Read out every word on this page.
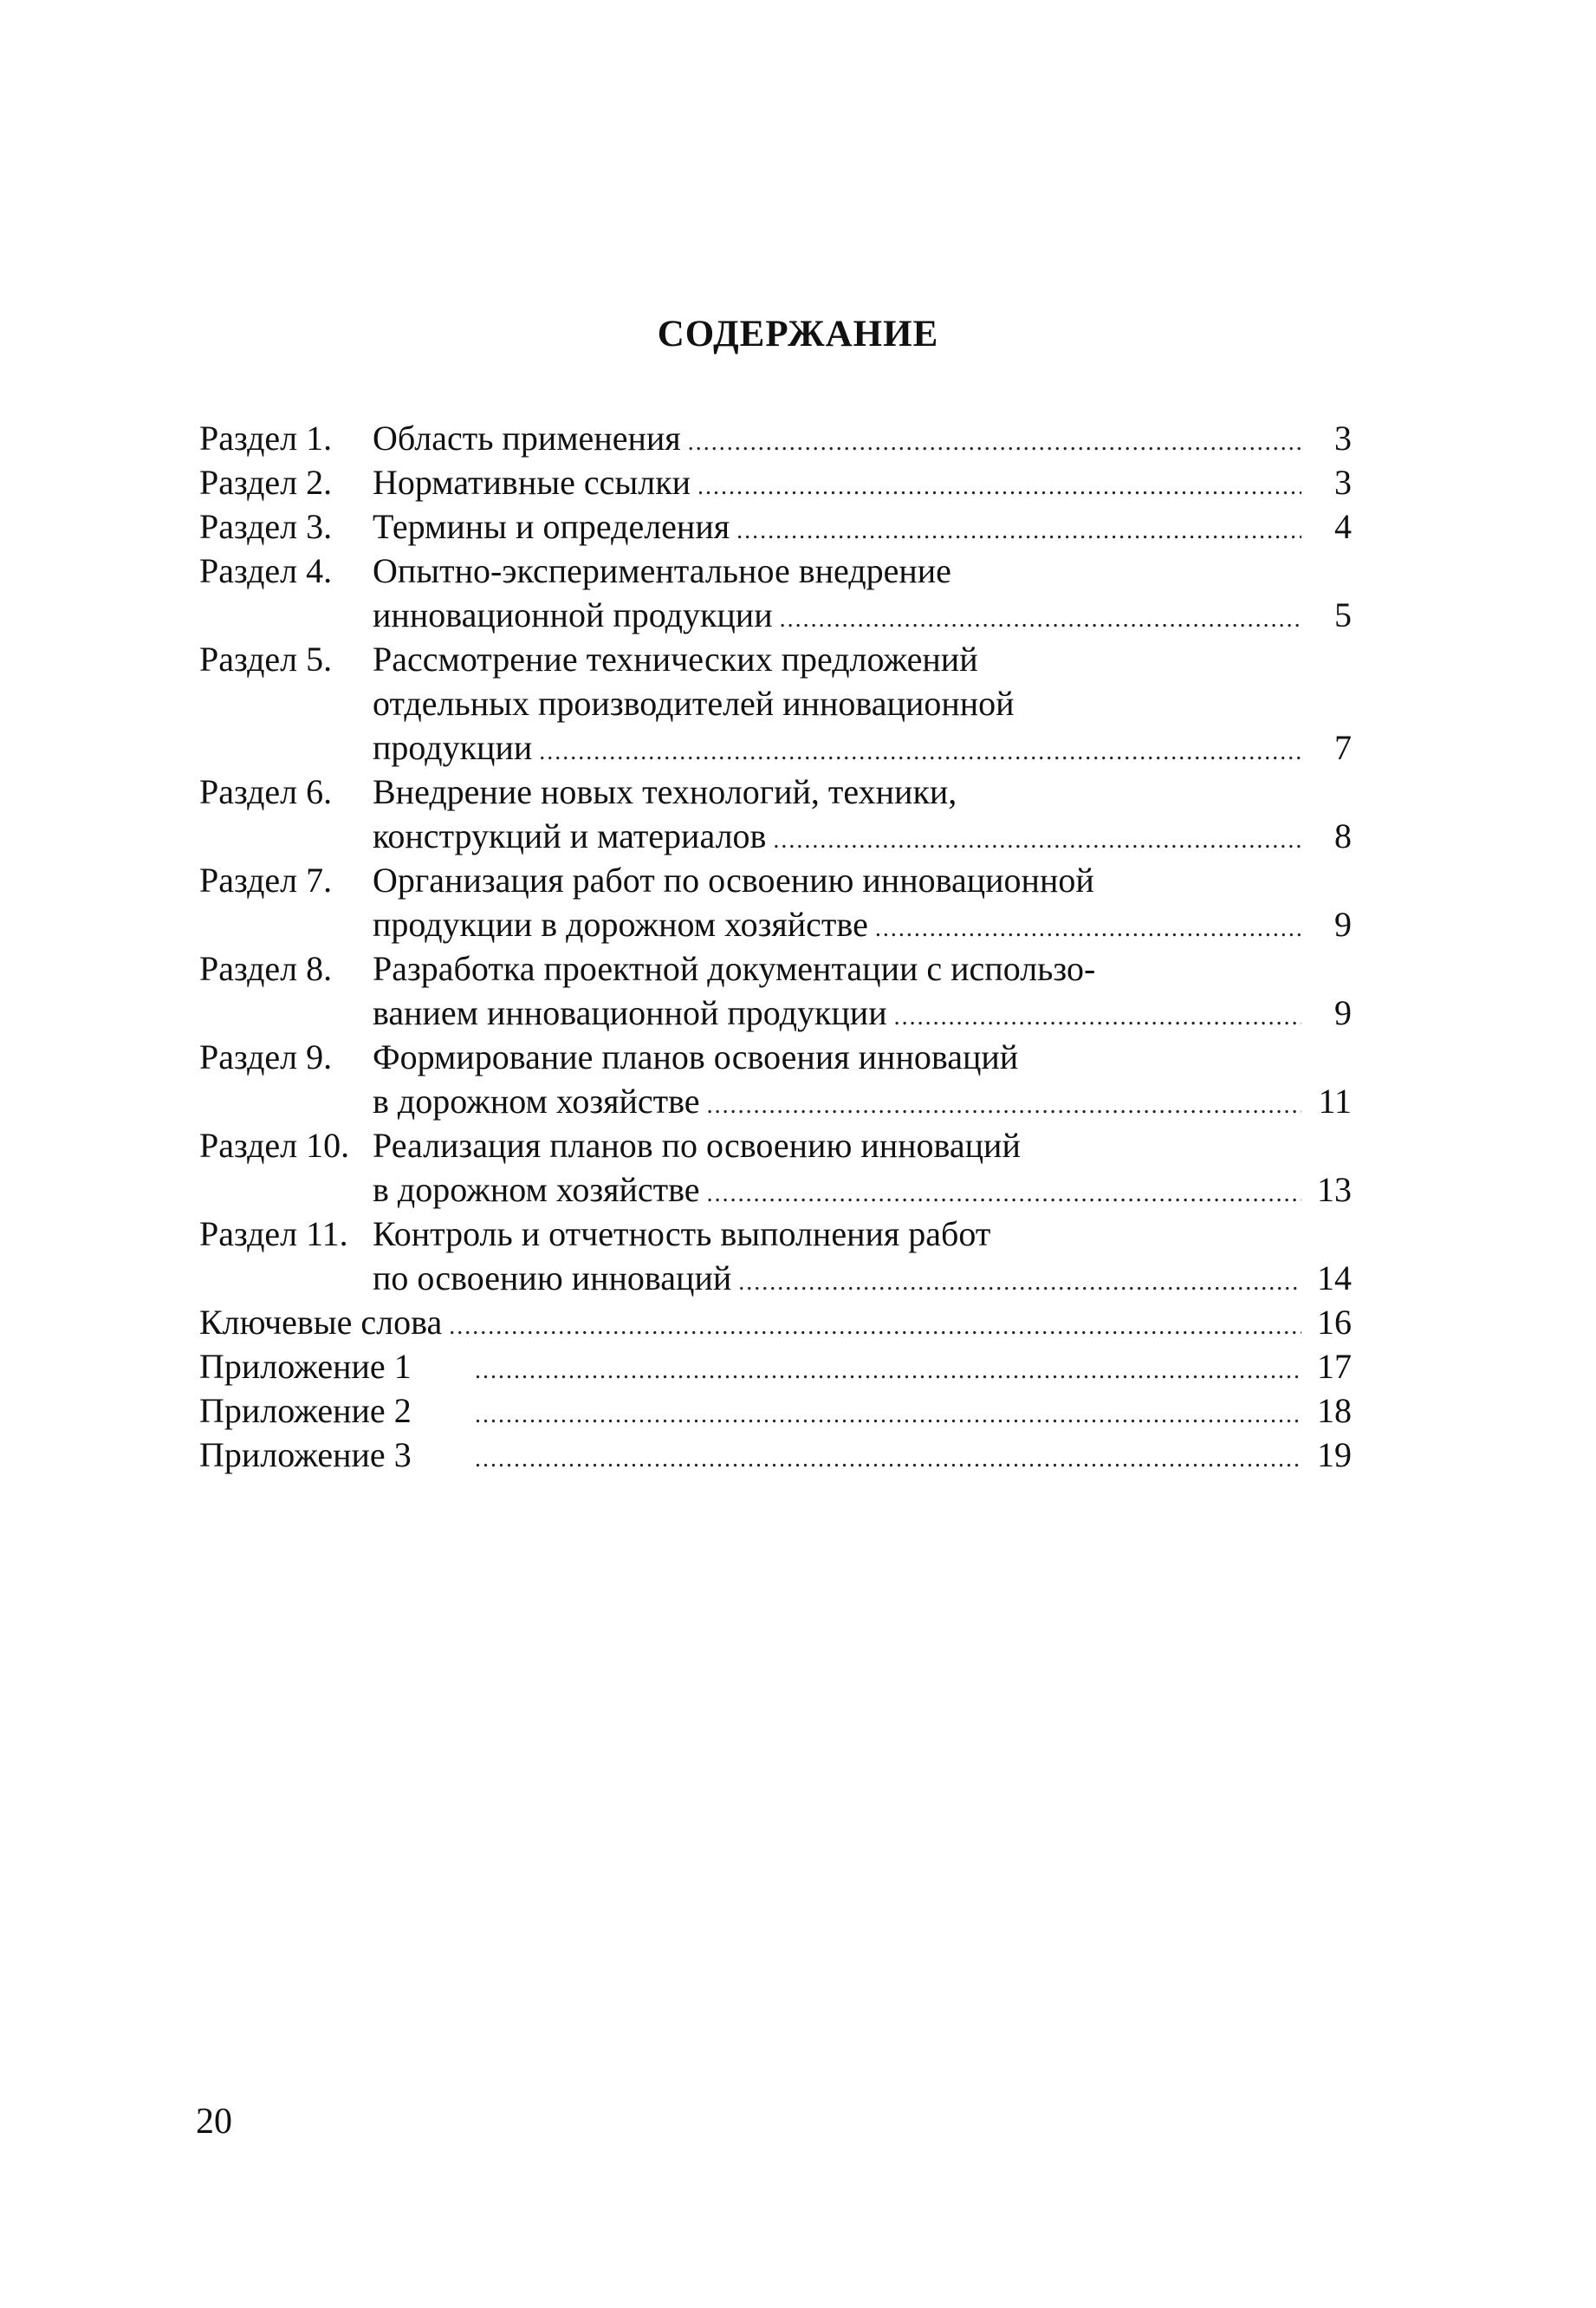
СОДЕРЖАНИЕ
Раздел 1.	Область применения .....	3
Раздел 2.	Нормативные ссылки .....	3
Раздел 3.	Термины и определения .....	4
Раздел 4.	Опытно-экспериментальное внедрение
инновационной продукции .....	5
Раздел 5.	Рассмотрение технических предложений
отдельных производителей инновационной
продукции .....	7
Раздел 6.	Внедрение новых технологий, техники,
конструкций и материалов .....	8
Раздел 7.	Организация работ по освоению инновационной
продукции в дорожном хозяйстве .....	9
Раздел 8.	Разработка проектной документации с использо-
ванием инновационной продукции .....	9
Раздел 9.	Формирование планов освоения инноваций
в дорожном хозяйстве .....	11
Раздел 10. Реализация планов по освоению инноваций
в дорожном хозяйстве .....	13
Раздел 11. Контроль и отчетность выполнения работ
по освоению инноваций .....	14
Ключевые слова .....	16
Приложение 1 .....	17
Приложение 2 .....	18
Приложение 3 .....	19

20
